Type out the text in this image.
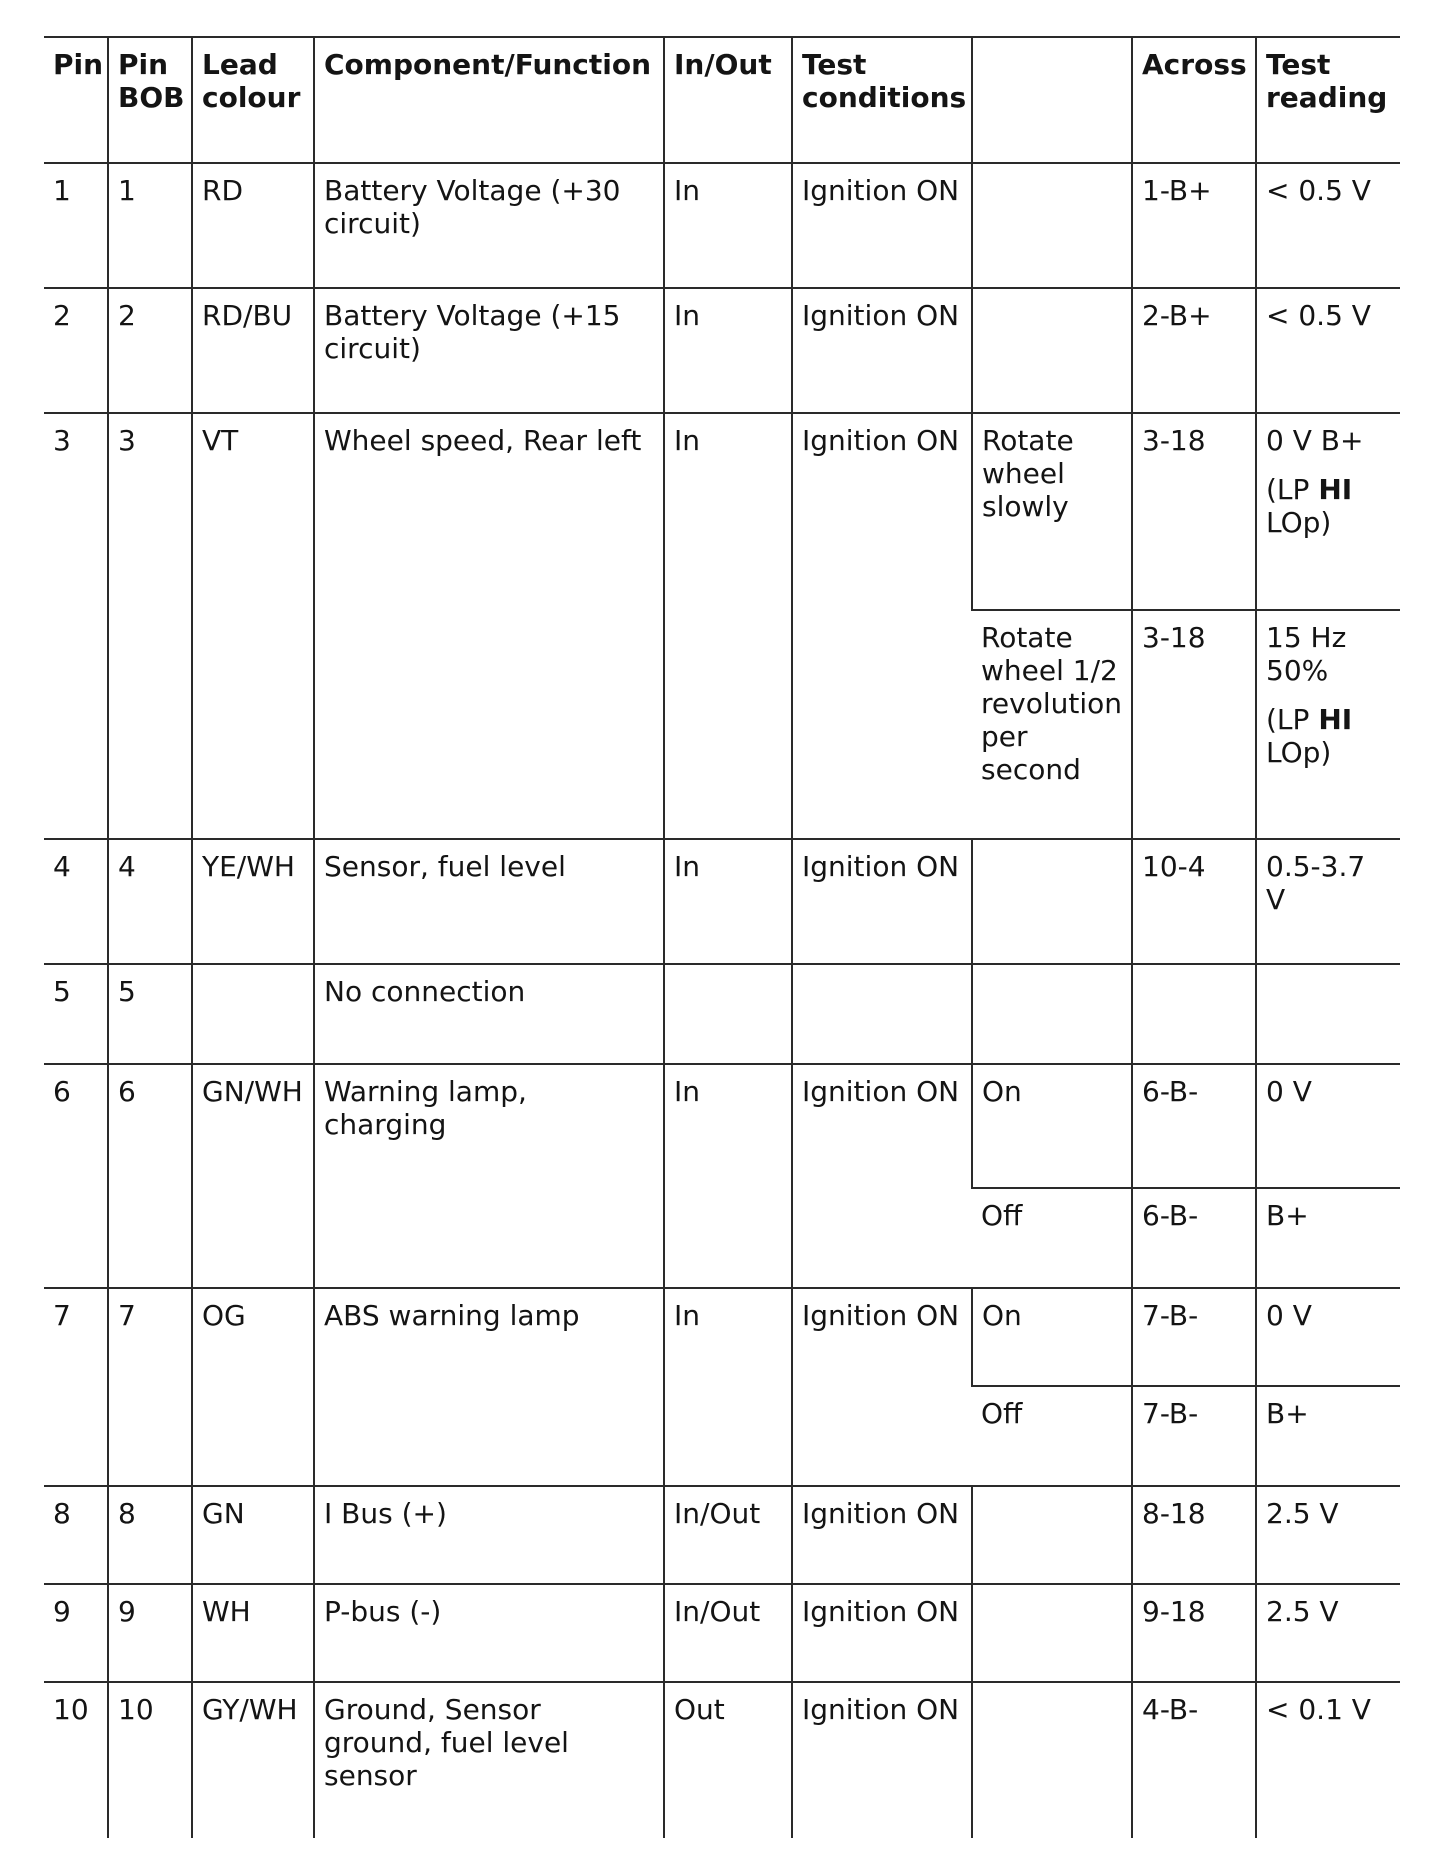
Pin	Pin BOB	Lead colour	Component/Function	In/Out	Test conditions		Across	Test reading
1	1	RD	Battery Voltage (+30 circuit)	In	Ignition ON		1-B+	< 0.5 V
2	2	RD/BU	Battery Voltage (+15 circuit)	In	Ignition ON		2-B+	< 0.5 V
3	3	VT	Wheel speed, Rear left	In	Ignition ON	Rotate wheel slowly	3-18	0 V B+
(LP HI
LOp)
						Rotate wheel 1/2 revolution per second	3-18	15 Hz 50%
(LP HI
LOp)
4	4	YE/WH	Sensor, fuel level	In	Ignition ON		10-4	0.5-3.7 V
5	5		No connection					
6	6	GN/WH	Warning lamp, charging	In	Ignition ON	On	6-B-	0 V
						Off	6-B-	B+
7	7	OG	ABS warning lamp	In	Ignition ON	On	7-B-	0 V
						Off	7-B-	B+
8	8	GN	I Bus (+)	In/Out	Ignition ON		8-18	2.5 V
9	9	WH	P-bus (-)	In/Out	Ignition ON		9-18	2.5 V
10	10	GY/WH	Ground, Sensor ground, fuel level sensor	Out	Ignition ON		4-B-	< 0.1 V
